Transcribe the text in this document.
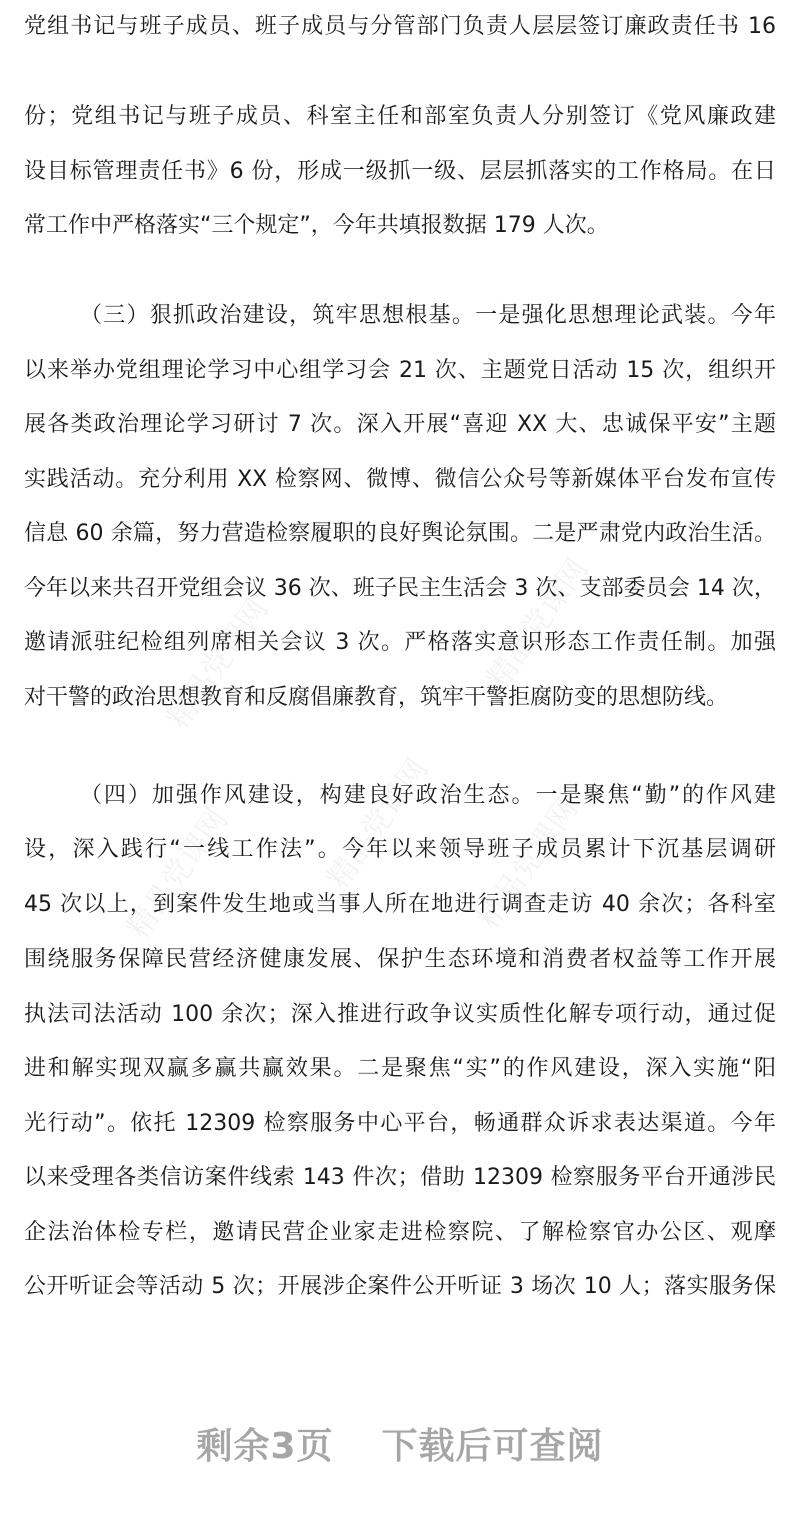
精品党课网	精品党课网
精品党课网
精品党课网	精品党课网
党组书记与班子成员、班子成员与分管部门负责人层层签订廉政责任书 16
份；党组书记与班子成员、科室主任和部室负责人分别签订《党风廉政建
设目标管理责任书》6 份，形成一级抓一级、层层抓落实的工作格局。在日
常工作中严格落实“三个规定”，今年共填报数据 179 人次。
（三）狠抓政治建设，筑牢思想根基。一是强化思想理论武装。今年
以来举办党组理论学习中心组学习会 21 次、主题党日活动 15 次，组织开
展各类政治理论学习研讨 7 次。深入开展“喜迎 XX 大、忠诚保平安”主题
实践活动。充分利用 XX 检察网、微博、微信公众号等新媒体平台发布宣传
信息 60 余篇，努力营造检察履职的良好舆论氛围。二是严肃党内政治生活。
今年以来共召开党组会议 36 次、班子民主生活会 3 次、支部委员会 14 次，
邀请派驻纪检组列席相关会议 3 次。严格落实意识形态工作责任制。加强
对干警的政治思想教育和反腐倡廉教育，筑牢干警拒腐防变的思想防线。
（四）加强作风建设，构建良好政治生态。一是聚焦“勤”的作风建
设，深入践行“一线工作法”。今年以来领导班子成员累计下沉基层调研
45 次以上，到案件发生地或当事人所在地进行调查走访 40 余次；各科室
围绕服务保障民营经济健康发展、保护生态环境和消费者权益等工作开展
执法司法活动 100 余次；深入推进行政争议实质性化解专项行动，通过促
进和解实现双赢多赢共赢效果。二是聚焦“实”的作风建设，深入实施“阳
光行动”。依托 12309 检察服务中心平台，畅通群众诉求表达渠道。今年
以来受理各类信访案件线索 143 件次；借助 12309 检察服务平台开通涉民
企法治体检专栏，邀请民营企业家走进检察院、了解检察官办公区、观摩
公开听证会等活动 5 次；开展涉企案件公开听证 3 场次 10 人；落实服务保
剩余3页 下载后可查阅
